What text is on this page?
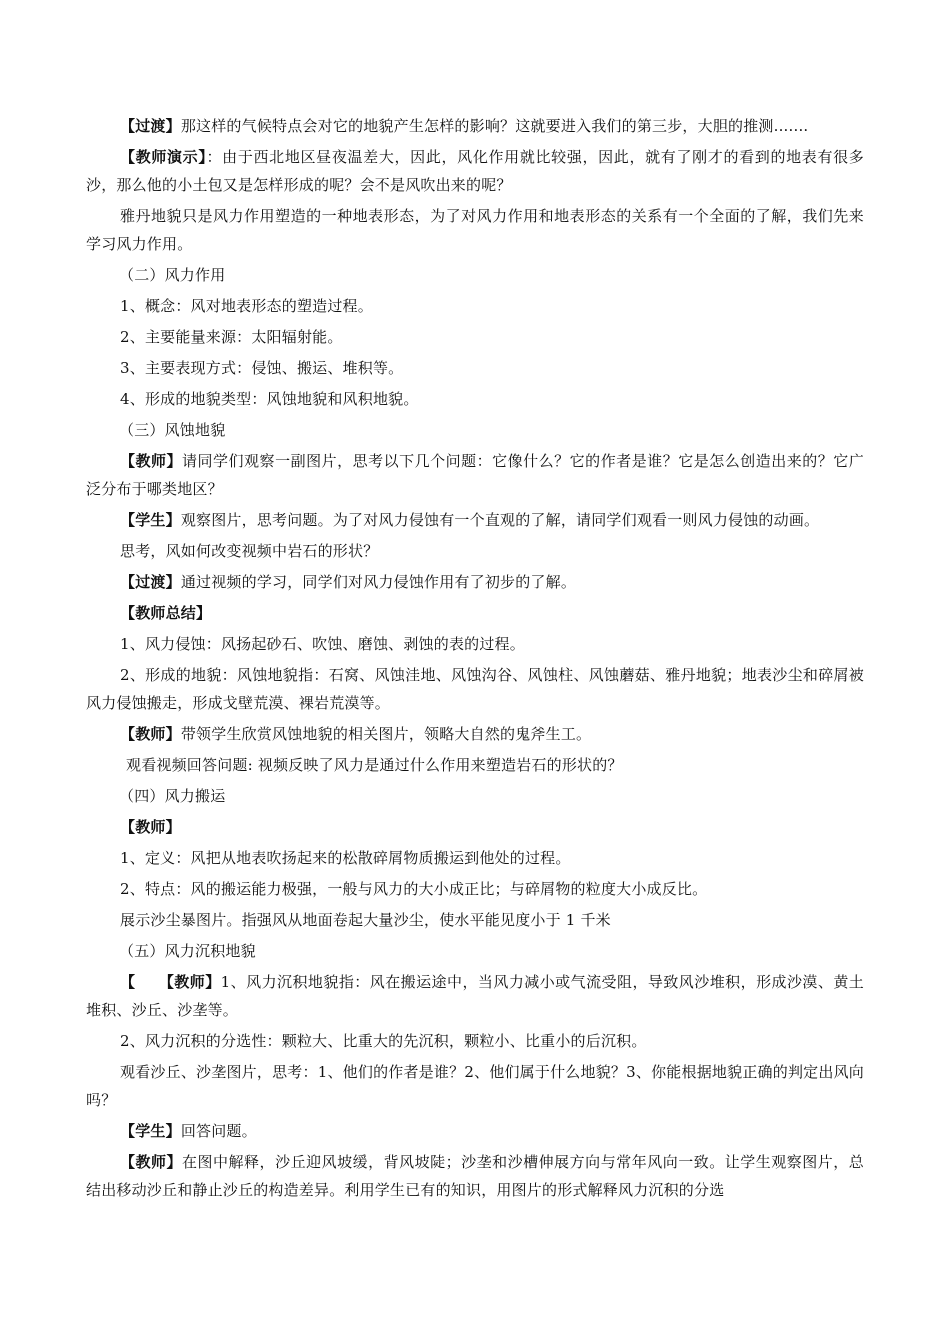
【过渡】那这样的气候特点会对它的地貌产生怎样的影响？这就要进入我们的第三步，大胆的推测.......

【教师演示】：由于西北地区昼夜温差大，因此，风化作用就比较强，因此，就有了刚才的看到的地表有很多沙，那么他的小土包又是怎样形成的呢？会不是风吹出来的呢？

雅丹地貌只是风力作用塑造的一种地表形态，为了对风力作用和地表形态的关系有一个全面的了解，我们先来学习风力作用。

（二）风力作用

1、概念：风对地表形态的塑造过程。

2、主要能量来源：太阳辐射能。

3、主要表现方式：侵蚀、搬运、堆积等。

4、形成的地貌类型：风蚀地貌和风积地貌。

（三）风蚀地貌

【教师】请同学们观察一副图片，思考以下几个问题：它像什么？它的作者是谁？它是怎么创造出来的？它广泛分布于哪类地区？

【学生】观察图片，思考问题。为了对风力侵蚀有一个直观的了解，请同学们观看一则风力侵蚀的动画。

思考，风如何改变视频中岩石的形状？

【过渡】通过视频的学习，同学们对风力侵蚀作用有了初步的了解。

【教师总结】

1、风力侵蚀：风扬起砂石、吹蚀、磨蚀、剥蚀的表的过程。

2、形成的地貌：风蚀地貌指：石窝、风蚀洼地、风蚀沟谷、风蚀柱、风蚀蘑菇、雅丹地貌；地表沙尘和碎屑被风力侵蚀搬走，形成戈壁荒漠、裸岩荒漠等。

【教师】带领学生欣赏风蚀地貌的相关图片，领略大自然的鬼斧生工。

观看视频回答问题: 视频反映了风力是通过什么作用来塑造岩石的形状的？

（四）风力搬运

【教师】

1、定义：风把从地表吹扬起来的松散碎屑物质搬运到他处的过程。

2、特点：风的搬运能力极强，一般与风力的大小成正比；与碎屑物的粒度大小成反比。

展示沙尘暴图片。指强风从地面卷起大量沙尘，使水平能见度小于 1 千米

（五）风力沉积地貌

【　　【教师】1、风力沉积地貌指：风在搬运途中，当风力减小或气流受阻，导致风沙堆积，形成沙漠、黄土堆积、沙丘、沙垄等。

2、风力沉积的分选性：颗粒大、比重大的先沉积，颗粒小、比重小的后沉积。

观看沙丘、沙垄图片，思考：1、他们的作者是谁？2、他们属于什么地貌？3、你能根据地貌正确的判定出风向吗？

【学生】回答问题。

【教师】在图中解释，沙丘迎风坡缓，背风坡陡；沙垄和沙槽伸展方向与常年风向一致。让学生观察图片，总结出移动沙丘和静止沙丘的构造差异。利用学生已有的知识，用图片的形式解释风力沉积的分选
